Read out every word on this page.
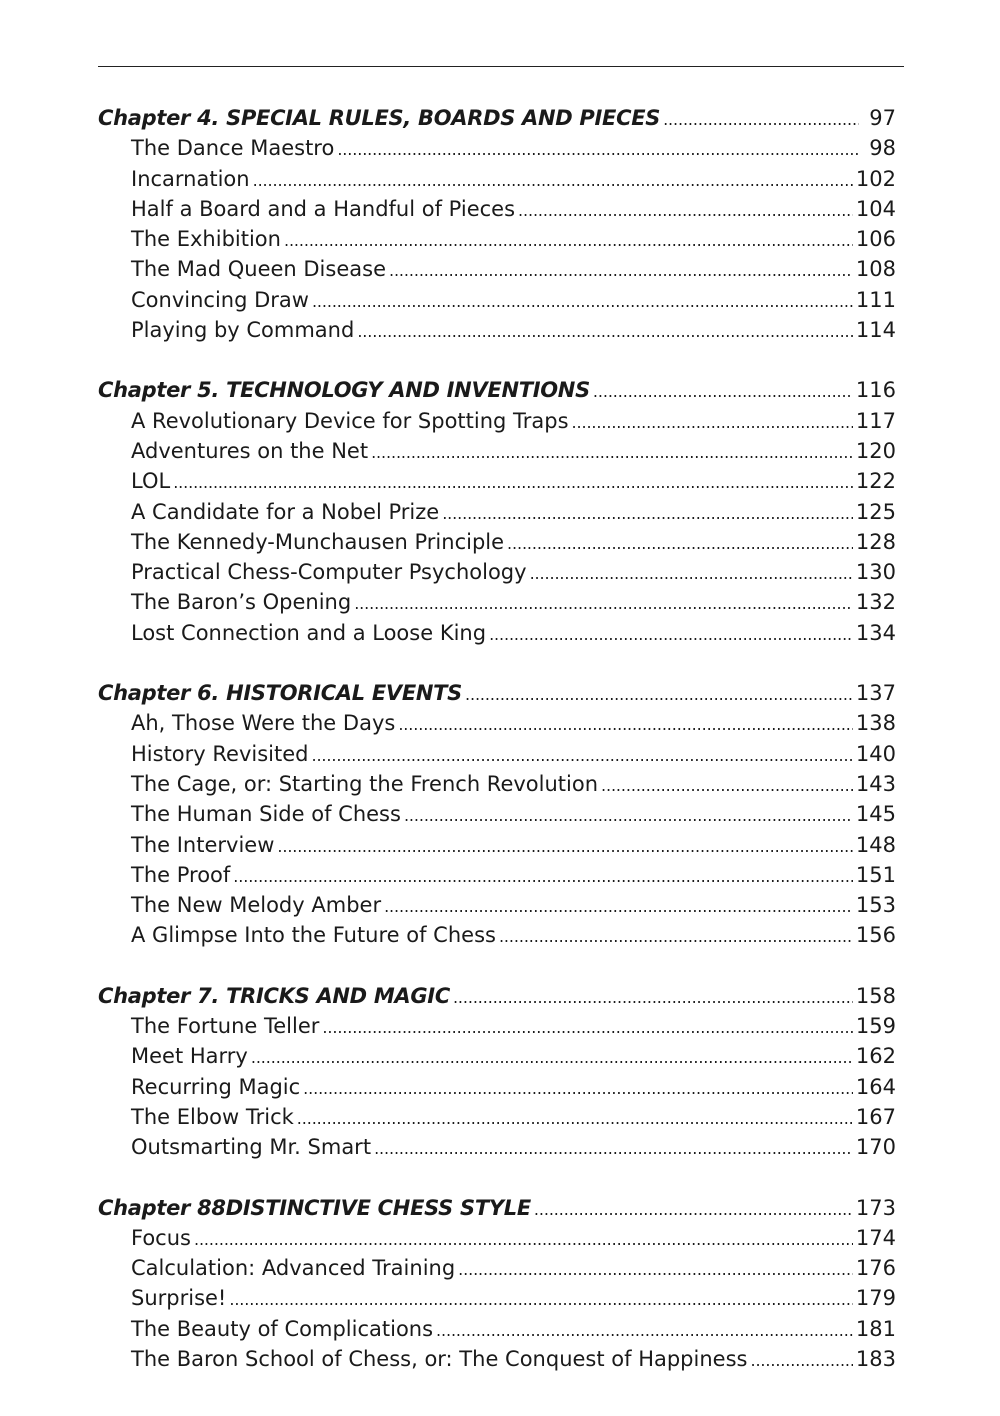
Chapter 4. SPECIAL RULES, BOARDS AND PIECES . . .	97
The Dance Maestro . . .	98
Incarnation . . .	102
Half a Board and a Handful of Pieces . . .	104
The Exhibition . . .	106
The Mad Queen Disease . . .	108
Convincing Draw . . .	111
Playing by Command . . .	114
Chapter 5. TECHNOLOGY AND INVENTIONS . . .	116
A Revolutionary Device for Spotting Traps . . .	117
Adventures on the Net . . .	120
LOL . . .	122
A Candidate for a Nobel Prize . . .	125
The Kennedy-Munchausen Principle . . .	128
Practical Chess-Computer Psychology . . .	130
The Baron’s Opening . . .	132
Lost Connection and a Loose King . . .	134
Chapter 6. HISTORICAL EVENTS . . .	137
Ah, Those Were the Days . . .	138
History Revisited . . .	140
The Cage, or: Starting the French Revolution . . .	143
The Human Side of Chess . . .	145
The Interview . . .	148
The Proof . . .	151
The New Melody Amber . . .	153
A Glimpse Into the Future of Chess . . .	156
Chapter 7. TRICKS AND MAGIC . . .	158
The Fortune Teller . . .	159
Meet Harry . . .	162
Recurring Magic . . .	164
The Elbow Trick . . .	167
Outsmarting Mr. Smart . . .	170
Chapter 88DISTINCTIVE CHESS STYLE . . .	173
Focus . . .	174
Calculation: Advanced Training . . .	176
Surprise! . . .	179
The Beauty of Complications . . .	181
The Baron School of Chess, or: The Conquest of Happiness . . .	183
